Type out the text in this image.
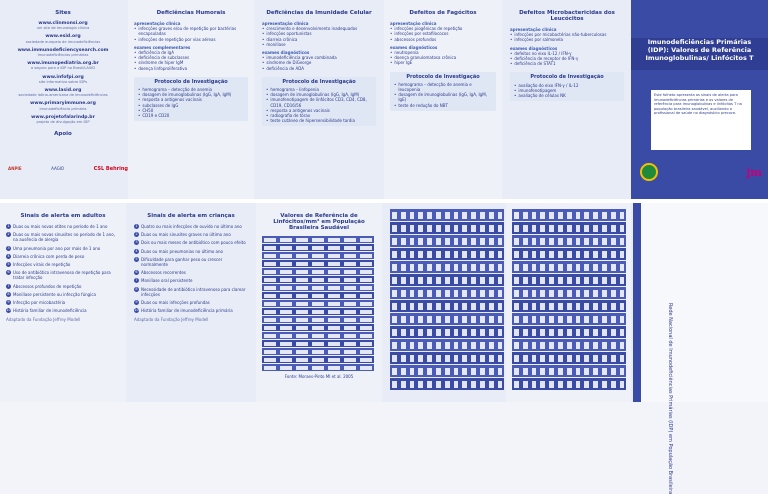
Sites
www.clinmonsi.org
um site de imunologia clínica
www.esid.org
sociedade europeia de imunodeficiências
www.immunodeficiencysearch.com
imunodeficiências primárias
www.imunopediatria.org.br
o seguro para a IDP no Brasil/LASID
www.infofpi.org
site informativo sobre IDPs
www.lasid.org
sociedade latino-americana de imunodeficiências
www.primaryimmune.org
imunodeficiência primária
www.projetofalarindp.br
projeto de divulgação em IDP
Apoio
ANPIE	AAGIO	CSL Behring
Deficiências Humorais
apresentação clínica
• infecções graves e/ou de repetição por bactérias encapsuladas
• infecções de repetição por vias aéreas
exames complementares
• deficiência de IgA
• deficiência de subclasses
• síndrome de hiper IgM
• doença linfoproliferativa
Protocolo de Investigação
• hemograma – detecção de anemia
• dosagem de imunoglobulinas (IgG, IgA, IgM)
• resposta a antígenos vacinais
• subclasses de IgG
• CH50
• CD19 e CD20
Deficiências da Imunidade Celular
apresentação clínica
• crescimento e desenvolvimento inadequados
• infecções oportunistas
• diarreia crônica
• monilíase
exames diagnósticos
• imunodeficiência grave combinada
• síndrome de DiGeorge
• deficiência de ADA
Protocolo de Investigação
• hemograma – linfopenia
• dosagem de imunoglobulinas (IgG, IgA, IgM)
• imunofenotipagem de linfócitos CD3, CD4, CD8, CD19, CD16/56
• resposta a antígenos vacinais
• radiografia de tórax
• teste cutâneo de hipersensibilidade tardia
Defeitos de Fagócitos
apresentação clínica
• infecções piogênicas de repetição
• infecções por estafilococos
• abscessos profundos
exames diagnósticos
• neutropenia
• doença granulomatosa crônica
• hiper IgE
Protocolo de Investigação
• hemograma – detecção de anemia e leucopenia
• dosagem de imunoglobulinas (IgG, IgA, IgM, IgE)
• teste de redução do NBT
Defeitos Microbactericidas dos Leucócitos
apresentação clínica
• infecções por micobactérias não-tuberculosas
• infecções por salmonela
exames diagnósticos
• defeitos no eixo IL-12 / IFN-γ
• deficiência de receptor de IFN-γ
• deficiência de STAT1
Protocolo de Investigação
• avaliação do eixo IFN-γ / IL-12
• imunofenotipagem
• avaliação de células NK
Imunodeficiências Primárias (IDP): Valores de Referência Imunoglobulinas/ Linfócitos T
Este folheto apresenta os sinais de alerta para imunodeficiências primárias e os valores de referência para imunoglobulinas e linfócitos T na população brasileira saudável, auxiliando o profissional de saúde no diagnóstico precoce.
jm
Sinais de alerta em adultos
1 Duas ou mais novas otites no período de 1 ano
2 Duas ou mais novas sinusites no período de 1 ano, na ausência de alergia
3 Uma pneumonia por ano por mais de 1 ano
4 Diarreia crônica com perda de peso
5 Infecções virais de repetição
6 Uso de antibiótico intravenoso de repetição para tratar infecção
7 Abscessos profundos de repetição
8 Monilíase persistente ou infecção fúngica
9 Infecção por micobactéria
10 História familiar de imunodeficiência
Adaptado da Fundação Jeffrey Modell
Sinais de alerta em crianças
1 Quatro ou mais infecções de ouvido no último ano
2 Duas ou mais sinusites graves no último ano
3 Dois ou mais meses de antibiótico com pouco efeito
4 Duas ou mais pneumonias no último ano
5 Dificuldade para ganhar peso ou crescer normalmente
6 Abscessos recorrentes
7 Monilíase oral persistente
8 Necessidade de antibiótico intravenoso para clarear infecções
9 Duas ou mais infecções profundas
10 História familiar de imunodeficiência primária
Adaptado da Fundação Jeffrey Modell
Valores de Referência de Linfócitos/mm³ em População Brasileira Saudável
Fonte: Moraes-Pinto MI et al. 2005	Rede Nacional de Imunodeficiências Primárias (IDP) em População Brasileira
